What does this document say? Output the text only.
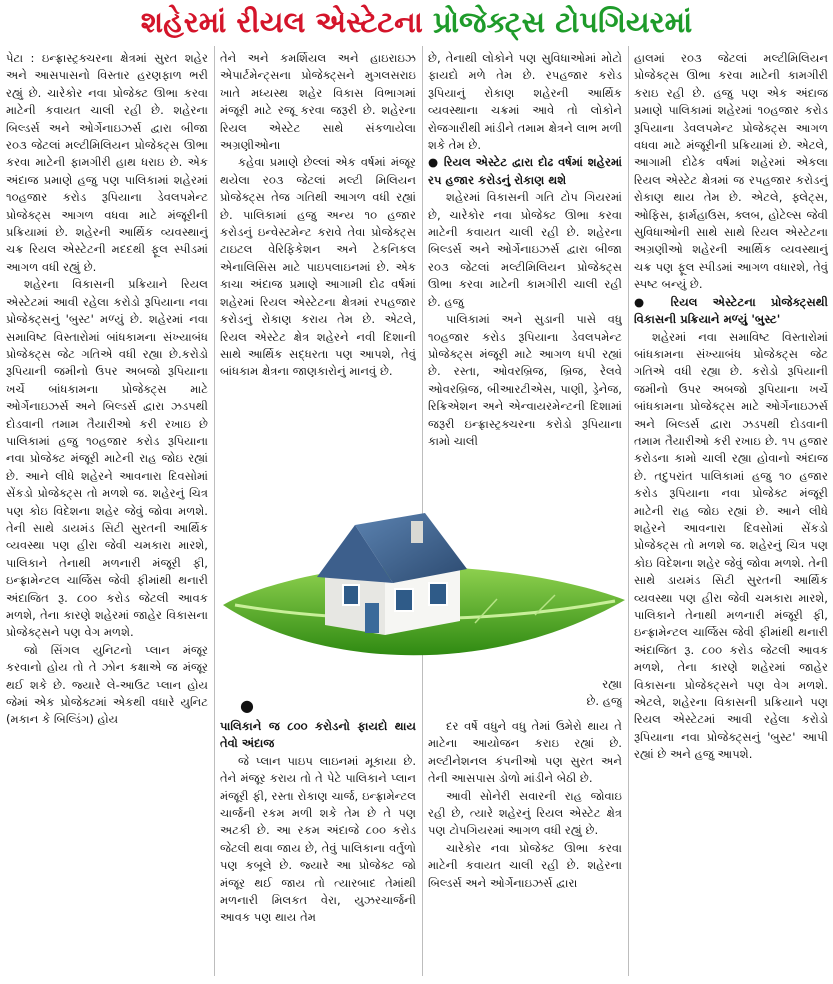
શહેરમાં રીયલ એસ્ટેટના પ્રોજેક્ટ્સ ટોપગિયરમાં

પેટા : ઇન્ફ્રાસ્ટ્રક્ચરના ક્ષેત્રમાં સુરત શહેર અને આસપાસનો વિસ્તાર હરણફાળ ભરી રહ્યું છે. ચારેકોર નવા પ્રોજેક્ટ ઊભા કરવા માટેની કવાયત ચાલી રહી છે. શહેરના બિલ્ડર્સ અને ઓર્ગેનાઇઝર્સ દ્વારા બીજા ર૦૩ જેટલાં મલ્ટીમિલિયન પ્રોજેક્ટ્સ ઊભા કરવા માટેની ફામગીરી હાથ ધરાઇ છે. એક અંદાજ પ્રમાણે હજુ પણ પાલિકામાં શહેરમાં ૧૦હજાર કરોડ રૂપિયાના ડેવલપમેન્ટ પ્રોજેક્ટ્સ આગળ વધવા માટે મંજૂરીની પ્રક્રિયામાં છે. શહેરની આર્થિક વ્યવસ્થાનું ચક્ર રિયલ એસ્ટેટની મદદથી ફૂલ સ્પીડમાં આગળ વધી રહ્યું છે.

શહેરના વિકાસની પ્રક્રિયાને રિયલ એસ્ટેટમાં આવી રહેલા કરોડો રૂપિયાના નવા પ્રોજેક્ટ્સનું 'બુસ્ટ' મળ્યું છે. શહેરમાં નવા સમાવિષ્ટ વિસ્તારોમાં બાંધકામના સંખ્યાબંધ પ્રોજેક્ટ્સ જેટ ગતિએ વધી રહ્યા છે.કરોડો રૂપિયાની જમીનો ઉપર અબજો રૂપિયાના ખર્ચે બાંધકામના પ્રોજેક્ટ્સ માટે ઓર્ગેનાઇઝર્સ અને બિલ્ડર્સ દ્વારા ઝડપથી દોડવાની તમામ તૈયારીઓ કરી રખાઇ છે પાલિકામાં હજુ ૧૦હજાર કરોડ રૂપિયાના નવા પ્રોજેક્ટ મંજૂરી માટેની રાહ જોઇ રહ્યાં છે. આને લીધે શહેરને આવનારા દિવસોમાં સેંકડો પ્રોજેક્ટ્સ તો મળશે જ. શહેરનું ચિત્ર પણ કોઇ વિદેશના શહેર જેવું જોવા મળશે. તેની સાથે ડાયમંડ સિટી સુરતની આર્થિક વ્યવસ્થા પણ હીરા જેવી ચમકારા મારશે, પાલિકાને તેનાથી મળનારી મંજૂરી ફી, ઇન્ફ્રામેન્ટલ ચાર્જિસ જેવી ફીમાંથી થનારી અંદાજિત રૂ. ૮૦૦ કરોડ જેટલી આવક મળશે, તેના કારણે શહેરમાં જાહેર વિકાસના પ્રોજેક્ટ્સને પણ વેગ મળશે.

જો સિંગલ યુનિટનો પ્લાન મંજૂર કરવાનો હોય તો તે ઝોન કક્ષાએ જ મંજૂર થઈ શકે છે. જ્યારે લે-આઉટ પ્લાન હોય જેમાં એક પ્રોજેક્ટમાં એકથી વધારે યુનિટ (મકાન કે બિલ્ડિંગ) હોય

તેને અને કમર્શિયલ અને હાઇરાઇઝ એપાર્ટમેન્ટ્સના પ્રોજેક્ટ્સને મુગલસરાઇ ખાતે મધ્યસ્થ શહેર વિકાસ વિભાગમાં મંજૂરી માટે રજૂ કરવા જરૂરી છે. શહેરના રિયલ એસ્ટેટ સાથે સંકળાયેલા અગ્રણીઓના

કહેવા પ્રમાણે છેલ્લાં એક વર્ષમાં મંજૂર થયેલા ર૦૩ જેટલાં મલ્ટી મિલિયન પ્રોજેક્ટ્સ તેજ ગતિથી આગળ વધી રહ્યાં છે. પાલિકામાં હજુ અન્ય ૧૦ હજાર કરોડનું ઇન્વેસ્ટમેન્ટ કરાવે તેવા પ્રોજેક્ટ્સ ટાઇટલ વેરિફિકેશન અને ટેકનિકલ એનાલિસિસ માટે પાઇપલાઇનમાં છે. એક કાચા અંદાજ પ્રમાણે આગામી દોઢ વર્ષમાં શહેરમાં રિયલ એસ્ટેટના ક્ષેત્રમાં રપહજાર કરોડનું રોકાણ કરાય તેમ છે. એટલે, રિયલ એસ્ટેટ ક્ષેત્ર શહેરને નવી દિશાની સાથે આર્થિક સદ્ધરતા પણ આપશે, તેવું બાંધકામ ક્ષેત્રના જાણકારોનું માનવું છે.

છે, તેનાથી લોકોને પણ સુવિધાઓમાં મોટો ફાયદો મળે તેમ છે. રપહજાર કરોડ રૂપિયાનું રોકાણ શહેરની આર્થિક વ્યવસ્થાના ચક્રમાં આવે તો લોકોને રોજગારીથી માંડીને તમામ ક્ષેત્રને લાભ મળી શકે તેમ છે.

● રિયલ એસ્ટેટ દ્વારા દોઢ વર્ષમાં શહેરમાં રપ હજાર કરોડનું રોકાણ થશે

શહેરમાં વિકાસની ગતિ ટોપ ગિયરમાં છે, ચારેકોર નવા પ્રોજેક્ટ ઊભા કરવા માટેની કવાયત ચાલી રહી છે. શહેરના બિલ્ડર્સ અને ઓર્ગેનાઇઝર્સ દ્વારા બીજા ર૦૩ જેટલાં મલ્ટીમિલિયન પ્રોજેક્ટ્સ ઊભા કરવા માટેની કામગીરી ચાલી રહી છે. હજુ

પાલિકામાં અને સુડાની પાસે વધુ ૧૦હજાર કરોડ રૂપિયાના ડેવલપમેન્ટ પ્રોજેક્ટ્સ મંજૂરી માટે આગળ ધપી રહ્યાં છે. રસ્તા, ઓવરબ્રિજ, બ્રિજ, રેલવે ઓવરબ્રિજ, બીઆરટીએસ, પાણી, ડ્રેનેજ, રિક્રિએશન અને એન્વાયરમેન્ટની દિશામાં જરૂરી ઇન્ફ્રાસ્ટ્રક્ચરના કરોડો રૂપિયાના કામો ચાલી

રહ્યા

છે. હજુ

હાલમાં ર૦૩ જેટલાં મલ્ટીમિલિયન પ્રોજેક્ટ્સ ઊભા કરવા માટેની કામગીરી કરાઇ રહી છે. હજુ પણ એક અંદાજ પ્રમાણે પાલિકામાં શહેરમાં ૧૦હજાર કરોડ રૂપિયાના ડેવલપમેન્ટ પ્રોજેક્ટ્સ આગળ વધવા માટે મંજૂરીની પ્રક્રિયામાં છે. એટલે, આગામી દોઢેક વર્ષમાં શહેરમાં એકલા રિયલ એસ્ટેટ ક્ષેત્રમાં જ રપહજાર કરોડનું રોકાણ થાય તેમ છે. એટલે, ફ્લેટ્સ, ઓફિસ, ફાર્મહાઉસ, ક્લબ, હોટેલ્સ જેવી સુવિધાઓની સાથે સાથે રિયલ એસ્ટેટના અગ્રણીઓ શહેરની આર્થિક વ્યવસ્થાનું ચક્ર પણ ફૂલ સ્પીડમાં આગળ વધારશે, તેવું સ્પષ્ટ બન્યું છે.

● રિયલ એસ્ટેટના પ્રોજેક્ટ્સથી વિકાસની પ્રક્રિયાને મળ્યું 'બુસ્ટ'

શહેરમાં નવા સમાવિષ્ટ વિસ્તારોમાં બાંધકામના સંખ્યાબંધ પ્રોજેક્ટ્સ જેટ ગતિએ વધી રહ્યા છે. કરોડો રૂપિયાની જમીનો ઉપર અબજો રૂપિયાના ખર્ચે બાંધકામના પ્રોજેક્ટ્સ માટે ઓર્ગેનાઇઝર્સ અને બિલ્ડર્સ દ્વારા ઝડપથી દોડવાની તમામ તૈયારીઓ કરી રખાઇ છે. ૧૫ હજાર કરોડના કામો ચાલી રહ્યા હોવાનો અંદાજ છે. તદુપરાંત પાલિકામાં હજુ ૧૦ હજાર કરોડ રૂપિયાના નવા પ્રોજેક્ટ મંજૂરી માટેની રાહ જોઇ રહ્યાં છે. આને લીધે શહેરને આવનારા દિવસોમાં સેંકડો પ્રોજેક્ટ્સ તો મળશે જ. શહેરનું ચિત્ર પણ કોઇ વિદેશના શહેર જેવું જોવા મળશે. તેની સાથે ડાયમંડ સિટી સુરતની આર્થિક વ્યવસ્થા પણ હીરા જેવી ચમકારા મારશે, પાલિકાને તેનાથી મળનારી મંજૂરી ફી, ઇન્ફ્રામેન્ટલ ચાર્જિસ જેવી ફીમાંથી થનારી અંદાજિત રૂ. ૮૦૦ કરોડ જેટલી આવક મળશે, તેના કારણે શહેરમાં જાહેર વિકાસના પ્રોજેક્ટ્સને પણ વેગ મળશે. એટલે, શહેરના વિકાસની પ્રક્રિયાને પણ રિયલ એસ્ટેટમાં આવી રહેલા કરોડો રૂપિયાના નવા પ્રોજેક્ટ્સનું 'બુસ્ટ' આપી રહ્યાં છે અને હજુ આપશે.

●

પાલિકાને જ ૮૦૦ કરોડનો ફાયદો થાય તેવો અંદાજ

જે પ્લાન પાઇપ લાઇનમાં મૂકાયા છે. તેને મંજૂર કરાય તો તે પેટે પાલિકાને પ્લાન મંજૂરી ફી, રસ્તા રોકાણ ચાર્જ, ઇન્ફ્રામેન્ટલ ચાર્જની રકમ મળી શકે તેમ છે તે પણ અટકી છે. આ રકમ અંદાજે ૮૦૦ કરોડ જેટલી થવા જાય છે, તેવું પાલિકાના વર્તુળો પણ કબૂલે છે. જ્યારે આ પ્રોજેક્ટ જો મંજૂર થઈ જાય તો ત્યારબાદ તેમાંથી મળનારી મિલકત વેરા, યુઝરચાર્જની આવક પણ થાય તેમ

દર વર્ષે વધુને વધુ તેમાં ઉમેરો થાય તે માટેના આયોજન કરાઇ રહ્યાં છે. મલ્ટીનેશનલ કંપનીઓ પણ સુરત અને તેની આસપાસ ડોળો માંડીને બેઠી છે.

આવી સોનેરી સવારની રાહ જોવાઇ રહી છે, ત્યારે શહેરનું રિયલ એસ્ટેટ ક્ષેત્ર પણ ટોપગિયરમાં આગળ વધી રહ્યું છે.

ચારેકોર નવા પ્રોજેક્ટ ઊભા કરવા માટેની કવાયત ચાલી રહી છે. શહેરના બિલ્ડર્સ અને ઓર્ગેનાઇઝર્સ દ્વારા
